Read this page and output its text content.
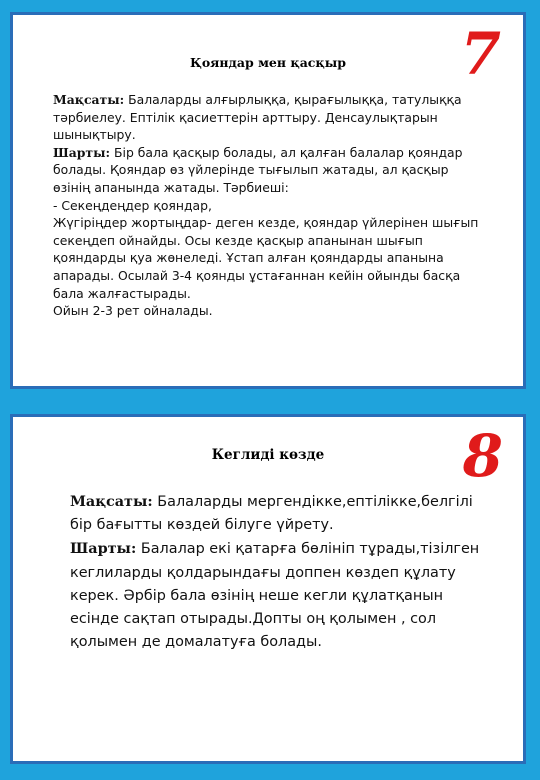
7
Қояндар мен қасқыр

Мақсаты: Балаларды алғырлыққа, қырағылыққа, татулыққа тәрбиелеу. Ептілік қасиеттерін арттыру. Денсаулықтарын шынықтыру.

Шарты: Бір бала қасқыр болады, ал қалған балалар қояндар болады. Қояндар өз үйлерінде тығылып жатады, ал қасқыр өзінің апанында жатады. Тәрбиеші:

- Секеңдеңдер қояндар,

Жүгіріңдер жортыңдар- деген кезде, қояндар үйлерінен шығып секеңдеп ойнайды. Осы кезде қасқыр апанынан шығып қояндарды қуа жөнеледі. Ұстап алған қояндарды апанына апарады. Осылай 3-4 қоянды ұстағаннан кейін ойынды басқа бала жалғастырады.

Ойын 2-3 рет ойналады.

8
Кеглиді көзде

Мақсаты: Балаларды мергендікке,ептілікке,белгілі бір бағытты көздей білуге үйрету.

Шарты: Балалар екі қатарға бөлініп тұрады,тізілген кеглиларды қолдарындағы доппен көздеп құлату керек. Әрбір бала өзінің неше кегли құлатқанын есінде сақтап отырады.Допты оң қолымен , сол қолымен де домалатуға болады.
